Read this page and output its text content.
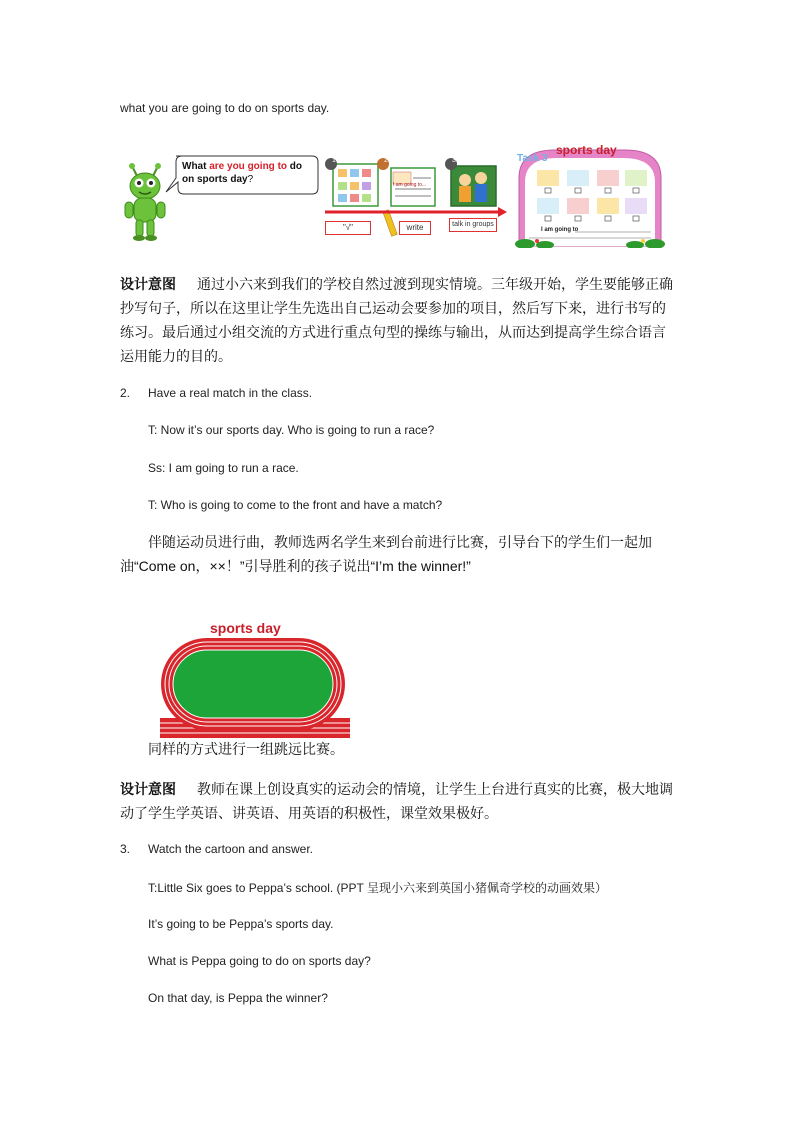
what you are going to do on sports day.
What are you going to do
on sports day?
1	2	3
I am going to...
"√"	write	talk in groups
sports day
Task 3
I am going to
设计意图 通过小六来到我们的学校自然过渡到现实情境。三年级开始，学生要能够正确抄写句子，所以在这里让学生先选出自己运动会要参加的项目，然后写下来，进行书写的练习。最后通过小组交流的方式进行重点句型的操练与输出，从而达到提高学生综合语言运用能力的目的。
2. Have a real match in the class.
T: Now it’s our sports day. Who is going to run a race?
Ss: I am going to run a race.
T: Who is going to come to the front and have a match?
伴随运动员进行曲，教师选两名学生来到台前进行比赛，引导台下的学生们一起加油“Come on，××！”引导胜利的孩子说出“I’m the winner!”
sports day
同样的方式进行一组跳远比赛。
设计意图 教师在课上创设真实的运动会的情境，让学生上台进行真实的比赛，极大地调动了学生学英语、讲英语、用英语的积极性，课堂效果极好。
3. Watch the cartoon and answer.
T:Little Six goes to Peppa’s school. (PPT 呈现小六来到英国小猪佩奇学校的动画效果）
It’s going to be Peppa’s sports day.
What is Peppa going to do on sports day?
On that day, is Peppa the winner?
